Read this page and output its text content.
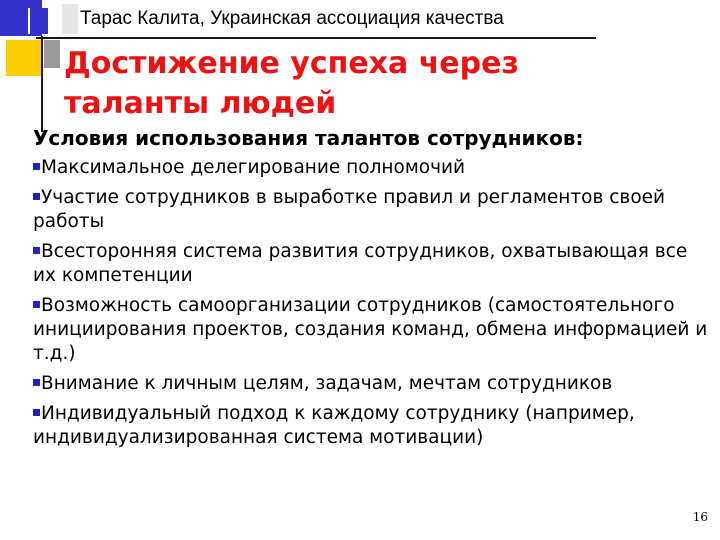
Тарас Калита, Украинская ассоциация качества
Достижение успеха через таланты людей
Условия использования талантов сотрудников:
Максимальное делегирование полномочий
Участие сотрудников в выработке правил и регламентов своей работы
Всесторонняя система развития сотрудников, охватывающая все их компетенции
Возможность самоорганизации сотрудников (самостоятельного инициирования проектов, создания команд, обмена информацией и т.д.)
Внимание к личным целям, задачам, мечтам сотрудников
Индивидуальный подход к каждому сотруднику (например, индивидуализированная система мотивации)
16
